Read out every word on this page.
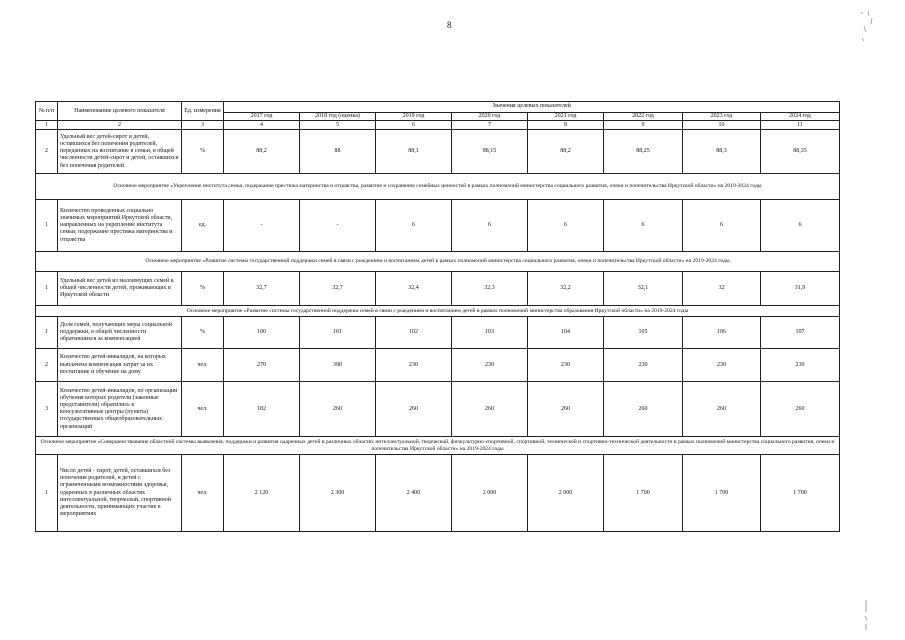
8
№ п/п	Наименование целевого показателя	Ед. измерения	Значения целевых показателей							
			2017 год	2018 год (оценка)	2019 год	2020 год	2021 год	2022 год	2023 год	2024 год
1	2	3	4	5	6	7	8	9	10	11
2	Удельный вес детей-сирот и детей, оставшихся без попечения родителей, переданных на воспитание в семьи, в общей численности детей-сирот и детей, оставшихся без попечения родителей	%	88,2	88	88,1	88,15	88,2	88,25	88,3	88,35
Основное мероприятие «Укрепление института семьи, подержание престижа материнства и отцовства, развитие и сохранение семейных ценностей в рамках полномочий министерства социального развития, опеки и попечительства Иркутской области» на 2019-2024 годы										
1	Количество проведенных социально значимых мероприятий Иркутской области, направленных на укрепление института семьи, подержание престижа материнства и отцовства	ед.	-	-	6	6	6	6	6	6
Основное мероприятие «Развитие системы государственной поддержки семей в связи с рождением и воспитанием детей в рамках полномочий министерства социального развития, опеки и попечительства Иркутской области» на 2019-2024 годы										
1	Удельный вес детей из малоимущих семей в общей численности детей, проживающих в Иркутской области	%	32,7	32,7	32,4	32,3	32,2	32,1	32	31,9
Основное мероприятие «Развитие системы государственной поддержки семей в связи с рождением и воспитанием детей в рамках полномочий министерства образования Иркутской области» на 2019-2024 годы										
1	Доля семей, получающих меры социальной поддержки, в общей численности обратившихся за компенсацией	%	100	101	102	103	104	105	106	107
2	Количество детей-инвалидов, на которых выплачена компенсация затрат за их воспитание и обучение на дому	чел.	270	390	230	230	230	230	230	230
3	Количество детей-инвалидов, по организации обучения которых родители (законные представители) обратились в консультативные центры (пункты) государственных общеобразовательных организаций	чел.	182	260	260	260	260	260	260	260
Основное мероприятие «Совершенствование областной системы выявления, поддержки и развития одаренных детей в различных областях интеллектуальной, творческой, физкультурно-спортивной, спортивной, технической и спортивно-технической деятельности в рамках полномочий министерства социального развития, опеки и попечительства Иркутской области» на 2019-2024 годы										
1	Число детей - сирот, детей, оставшихся без попечения родителей, и детей с ограниченными возможностями здоровья, одаренных в различных областях интеллектуальной, творческой, спортивной деятельности, принимающих участие в мероприятиях	чел.	2 120	2 300	2 400	2 000	2 000	1 700	1 700	1 700
